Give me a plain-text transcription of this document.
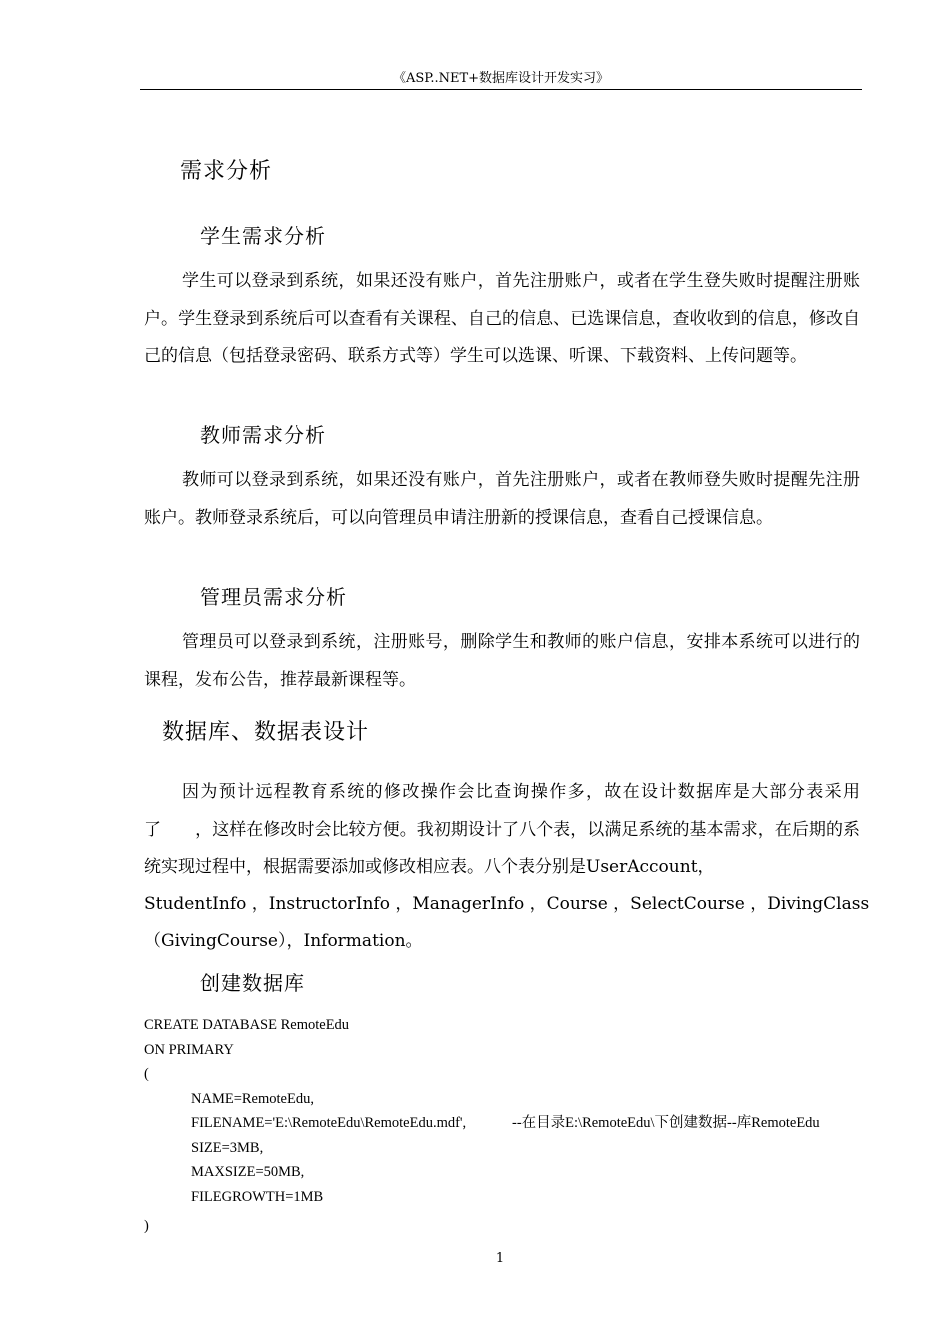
《ASP..NET+数据库设计开发实习》
需求分析
学生需求分析

学生可以登录到系统，如果还没有账户，首先注册账户，或者在学生登失败时提醒注册账户。学生登录到系统后可以查看有关课程、自己的信息、已选课信息，查收收到的信息，修改自己的信息（包括登录密码、联系方式等）学生可以选课、听课、下载资料、上传问题等。

教师需求分析

教师可以登录到系统，如果还没有账户，首先注册账户，或者在教师登失败时提醒先注册账户。教师登录系统后，可以向管理员申请注册新的授课信息，查看自己授课信息。

管理员需求分析

管理员可以登录到系统，注册账号，删除学生和教师的账户信息，安排本系统可以进行的课程，发布公告，推荐最新课程等。

数据库、数据表设计

因为预计远程教育系统的修改操作会比查询操作多，故在设计数据库是大部分表采用了　　，这样在修改时会比较方便。我初期设计了八个表，以满足系统的基本需求，在后期的系统实现过程中，根据需要添加或修改相应表。八个表分别是UserAccount，

StudentInfo ， InstructorInfo ， ManagerInfo ， Course ， SelectCourse ， DivingClass
（GivingCourse），Information。
创建数据库
CREATE DATABASE RemoteEdu
ON PRIMARY
(
NAME=RemoteEdu,
FILENAME='E:\RemoteEdu\RemoteEdu.mdf',	--在目录E:\RemoteEdu\下创建数据--库RemoteEdu
SIZE=3MB,
MAXSIZE=50MB,
FILEGROWTH=1MB
)
1
